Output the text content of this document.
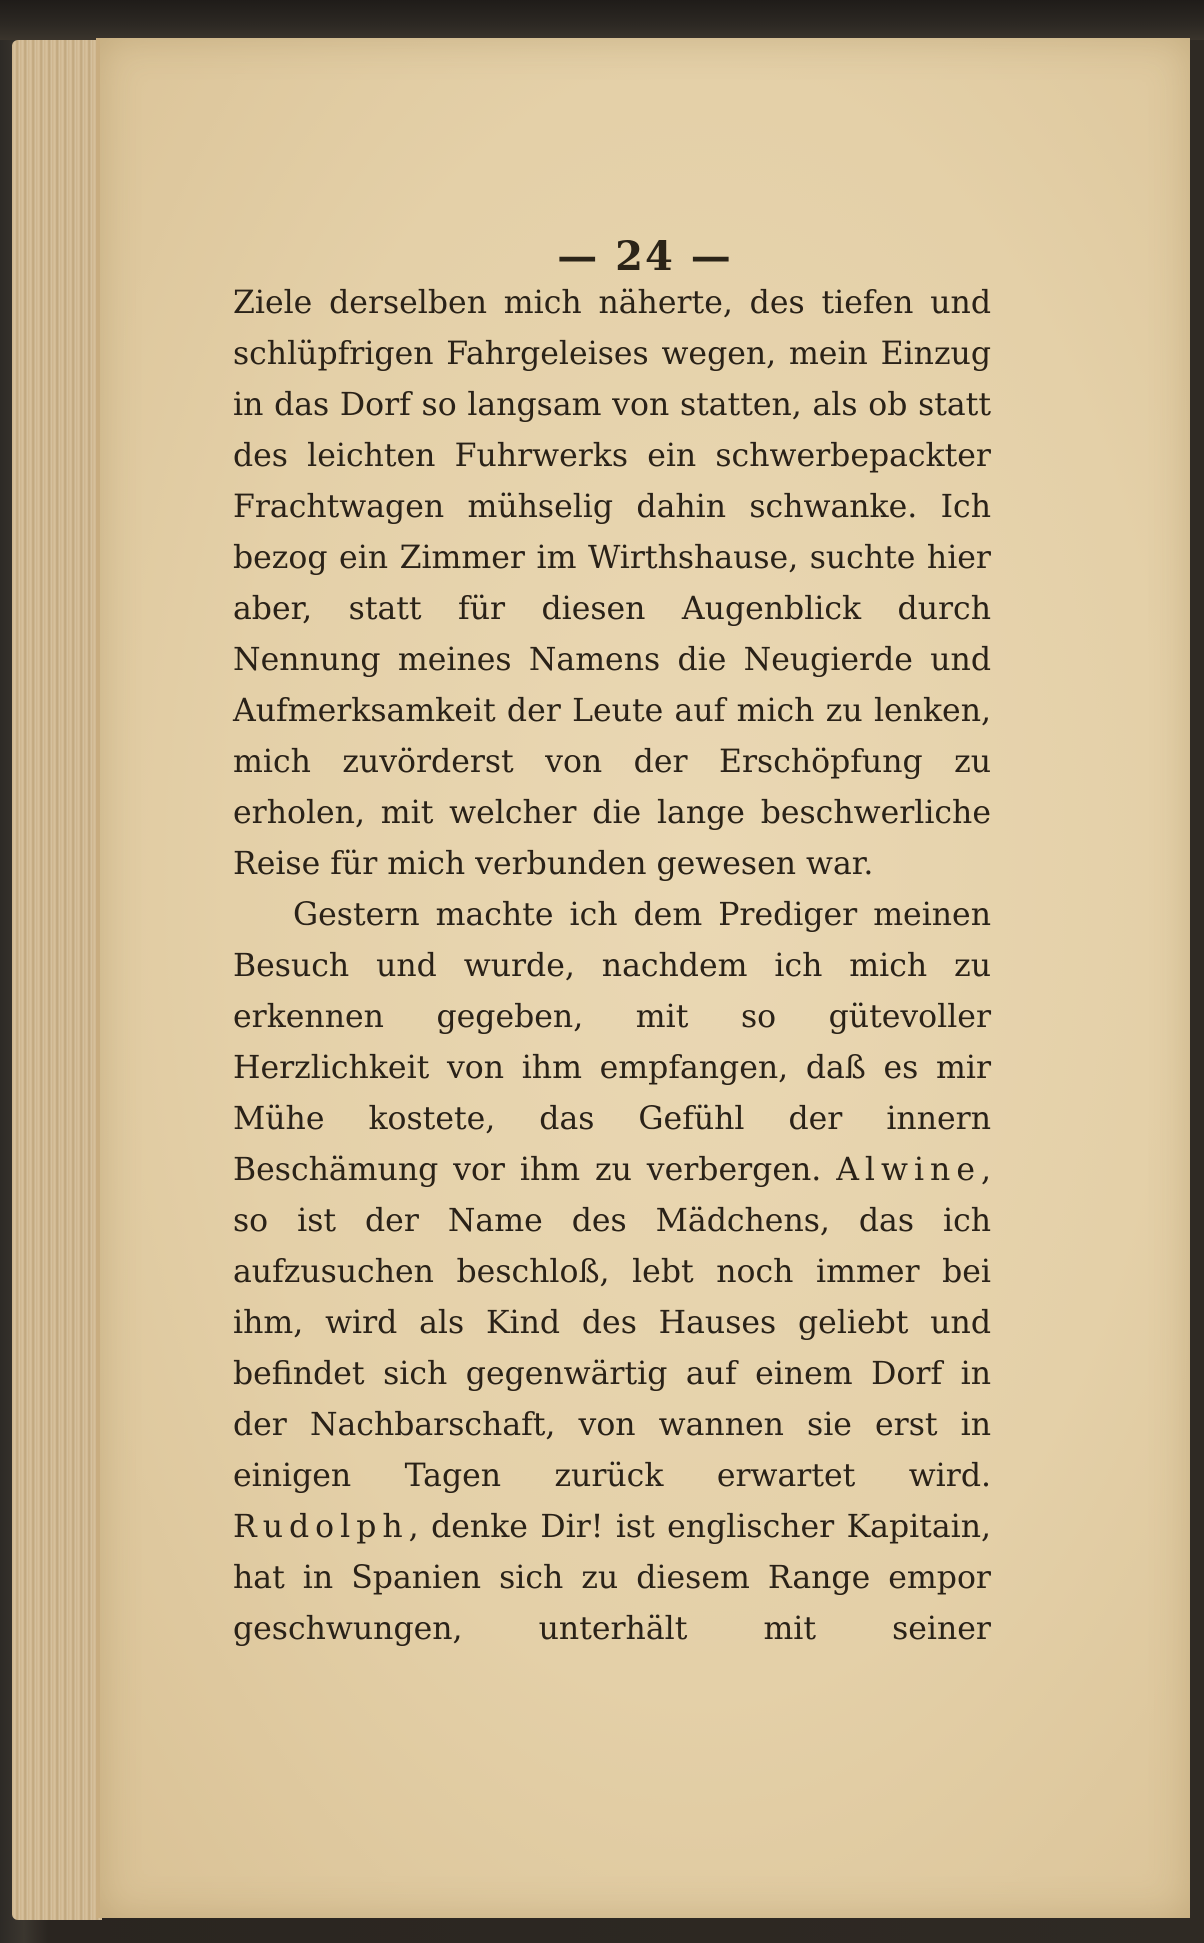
— 24 —

Ziele derselben mich näherte, des tiefen und schlüpfrigen Fahrgeleises wegen, mein Einzug in das Dorf so langsam von statten, als ob statt des leichten Fuhrwerks ein schwerbepackter Frachtwagen mühselig dahin schwanke. Ich bezog ein Zimmer im Wirthshause, suchte hier aber, statt für diesen Augenblick durch Nennung meines Namens die Neugierde und Aufmerksamkeit der Leute auf mich zu lenken, mich zuvörderst von der Erschöpfung zu erholen, mit welcher die lange beschwerliche Reise für mich verbunden gewesen war.

Gestern machte ich dem Prediger meinen Besuch und wurde, nachdem ich mich zu erkennen gegeben, mit so gütevoller Herzlichkeit von ihm empfangen, daß es mir Mühe kostete, das Gefühl der innern Beschämung vor ihm zu verbergen. Alwine, so ist der Name des Mädchens, das ich aufzusuchen beschloß, lebt noch immer bei ihm, wird als Kind des Hauses geliebt und befindet sich gegenwärtig auf einem Dorf in der Nachbarschaft, von wannen sie erst in einigen Tagen zurück erwartet wird. Rudolph, denke Dir! ist englischer Kapitain, hat in Spanien sich zu diesem Range empor geschwungen, unterhält mit seiner
